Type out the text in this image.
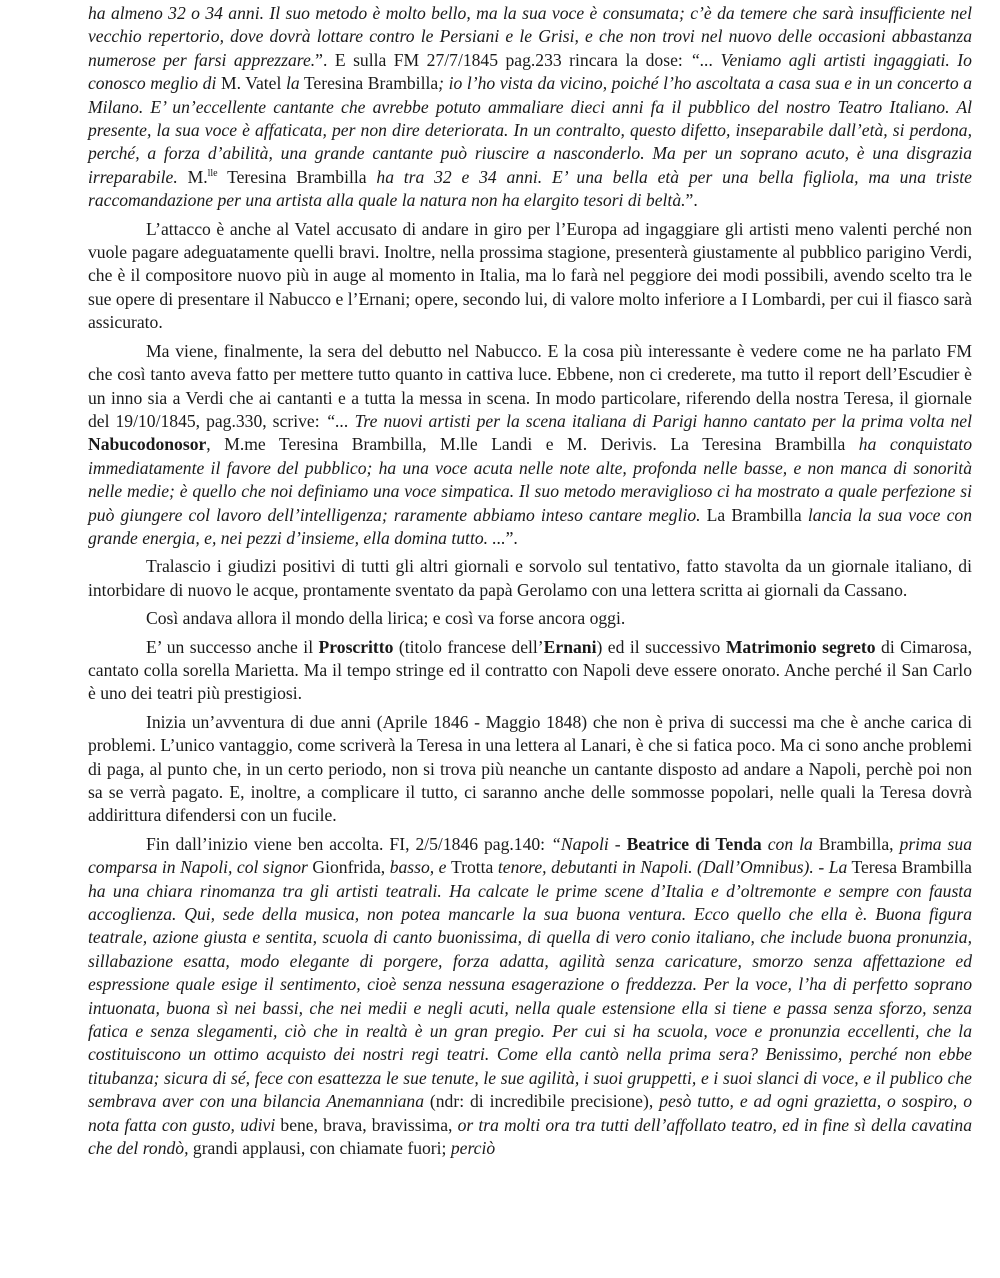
ha almeno 32 o 34 anni. Il suo metodo è molto bello, ma la sua voce è consumata; c’è da temere che sarà insufficiente nel vecchio repertorio, dove dovrà lottare contro le Persiani e le Grisi, e che non trovi nel nuovo delle occasioni abbastanza numerose per farsi apprezzare.”. E sulla FM 27/7/1845 pag.233 rincara la dose: “... Veniamo agli artisti ingaggiati. Io conosco meglio di M. Vatel la Teresina Brambilla; io l’ho vista da vicino, poiché l’ho ascoltata a casa sua e in un concerto a Milano. E’ un’eccellente cantante che avrebbe potuto ammaliare dieci anni fa il pubblico del nostro Teatro Italiano. Al presente, la sua voce è affaticata, per non dire deteriorata. In un contralto, questo difetto, inseparabile dall’età, si perdona, perché, a forza d’abilità, una grande cantante può riuscire a nasconderlo. Ma per un soprano acuto, è una disgrazia irreparabile. M.$^{lle}$ Teresina Brambilla ha tra 32 e 34 anni. E’ una bella età per una bella figliola, ma una triste raccomandazione per una artista alla quale la natura non ha elargito tesori di beltà.”.

L’attacco è anche al Vatel accusato di andare in giro per l’Europa ad ingaggiare gli artisti meno valenti perché non vuole pagare adeguatamente quelli bravi. Inoltre, nella prossima stagione, presenterà giustamente al pubblico parigino Verdi, che è il compositore nuovo più in auge al momento in Italia, ma lo farà nel peggiore dei modi possibili, avendo scelto tra le sue opere di presentare il Nabucco e l’Ernani; opere, secondo lui, di valore molto inferiore a I Lombardi, per cui il fiasco sarà assicurato.

Ma viene, finalmente, la sera del debutto nel Nabucco. E la cosa più interessante è vedere come ne ha parlato FM che così tanto aveva fatto per mettere tutto quanto in cattiva luce. Ebbene, non ci crederete, ma tutto il report dell’Escudier è un inno sia a Verdi che ai cantanti e a tutta la messa in scena. In modo particolare, riferendo della nostra Teresa, il giornale del 19/10/1845, pag.330, scrive: “... Tre nuovi artisti per la scena italiana di Parigi hanno cantato per la prima volta nel Nabucodonosor, M.me Teresina Brambilla, M.lle Landi e M. Derivis. La Teresina Brambilla ha conquistato immediatamente il favore del pubblico; ha una voce acuta nelle note alte, profonda nelle basse, e non manca di sonorità nelle medie; è quello che noi definiamo una voce simpatica. Il suo metodo meraviglioso ci ha mostrato a quale perfezione si può giungere col lavoro dell’intelligenza; raramente abbiamo inteso cantare meglio. La Brambilla lancia la sua voce con grande energia, e, nei pezzi d’insieme, ella domina tutto. ...”.

Tralascio i giudizi positivi di tutti gli altri giornali e sorvolo sul tentativo, fatto stavolta da un giornale italiano, di intorbidare di nuovo le acque, prontamente sventato da papà Gerolamo con una lettera scritta ai giornali da Cassano.

Così andava allora il mondo della lirica; e così va forse ancora oggi.

E’ un successo anche il Proscritto (titolo francese dell’Ernani) ed il successivo Matrimonio segreto di Cimarosa, cantato colla sorella Marietta. Ma il tempo stringe ed il contratto con Napoli deve essere onorato. Anche perché il San Carlo è uno dei teatri più prestigiosi.

Inizia un’avventura di due anni (Aprile 1846 - Maggio 1848) che non è priva di successi ma che è anche carica di problemi. L’unico vantaggio, come scriverà la Teresa in una lettera al Lanari, è che si fatica poco. Ma ci sono anche problemi di paga, al punto che, in un certo periodo, non si trova più neanche un cantante disposto ad andare a Napoli, perchè poi non sa se verrà pagato. E, inoltre, a complicare il tutto, ci saranno anche delle sommosse popolari, nelle quali la Teresa dovrà addirittura difendersi con un fucile.

Fin dall’inizio viene ben accolta. FI, 2/5/1846 pag.140: “Napoli - Beatrice di Tenda con la Brambilla, prima sua comparsa in Napoli, col signor Gionfrida, basso, e Trotta tenore, debutanti in Napoli. (Dall’Omnibus). - La Teresa Brambilla ha una chiara rinomanza tra gli artisti teatrali. Ha calcate le prime scene d’Italia e d’oltremonte e sempre con fausta accoglienza. Qui, sede della musica, non potea mancarle la sua buona ventura. Ecco quello che ella è. Buona figura teatrale, azione giusta e sentita, scuola di canto buonissima, di quella di vero conio italiano, che include buona pronunzia, sillabazione esatta, modo elegante di porgere, forza adatta, agilità senza caricature, smorzo senza affettazione ed espressione quale esige il sentimento, cioè senza nessuna esagerazione o freddezza. Per la voce, l’ha di perfetto soprano intuonata, buona sì nei bassi, che nei medii e negli acuti, nella quale estensione ella si tiene e passa senza sforzo, senza fatica e senza slegamenti, ciò che in realtà è un gran pregio. Per cui si ha scuola, voce e pronunzia eccellenti, che la costituiscono un ottimo acquisto dei nostri regi teatri. Come ella cantò nella prima sera? Benissimo, perché non ebbe titubanza; sicura di sé, fece con esattezza le sue tenute, le sue agilità, i suoi gruppetti, e i suoi slanci di voce, e il publico che sembrava aver con una bilancia Anemanniana (ndr: di incredibile precisione), pesò tutto, e ad ogni grazietta, o sospiro, o nota fatta con gusto, udivi bene, brava, bravissima, or tra molti ora tra tutti dell’affollato teatro, ed in fine sì della cavatina che del rondò, grandi applausi, con chiamate fuori; perciò
